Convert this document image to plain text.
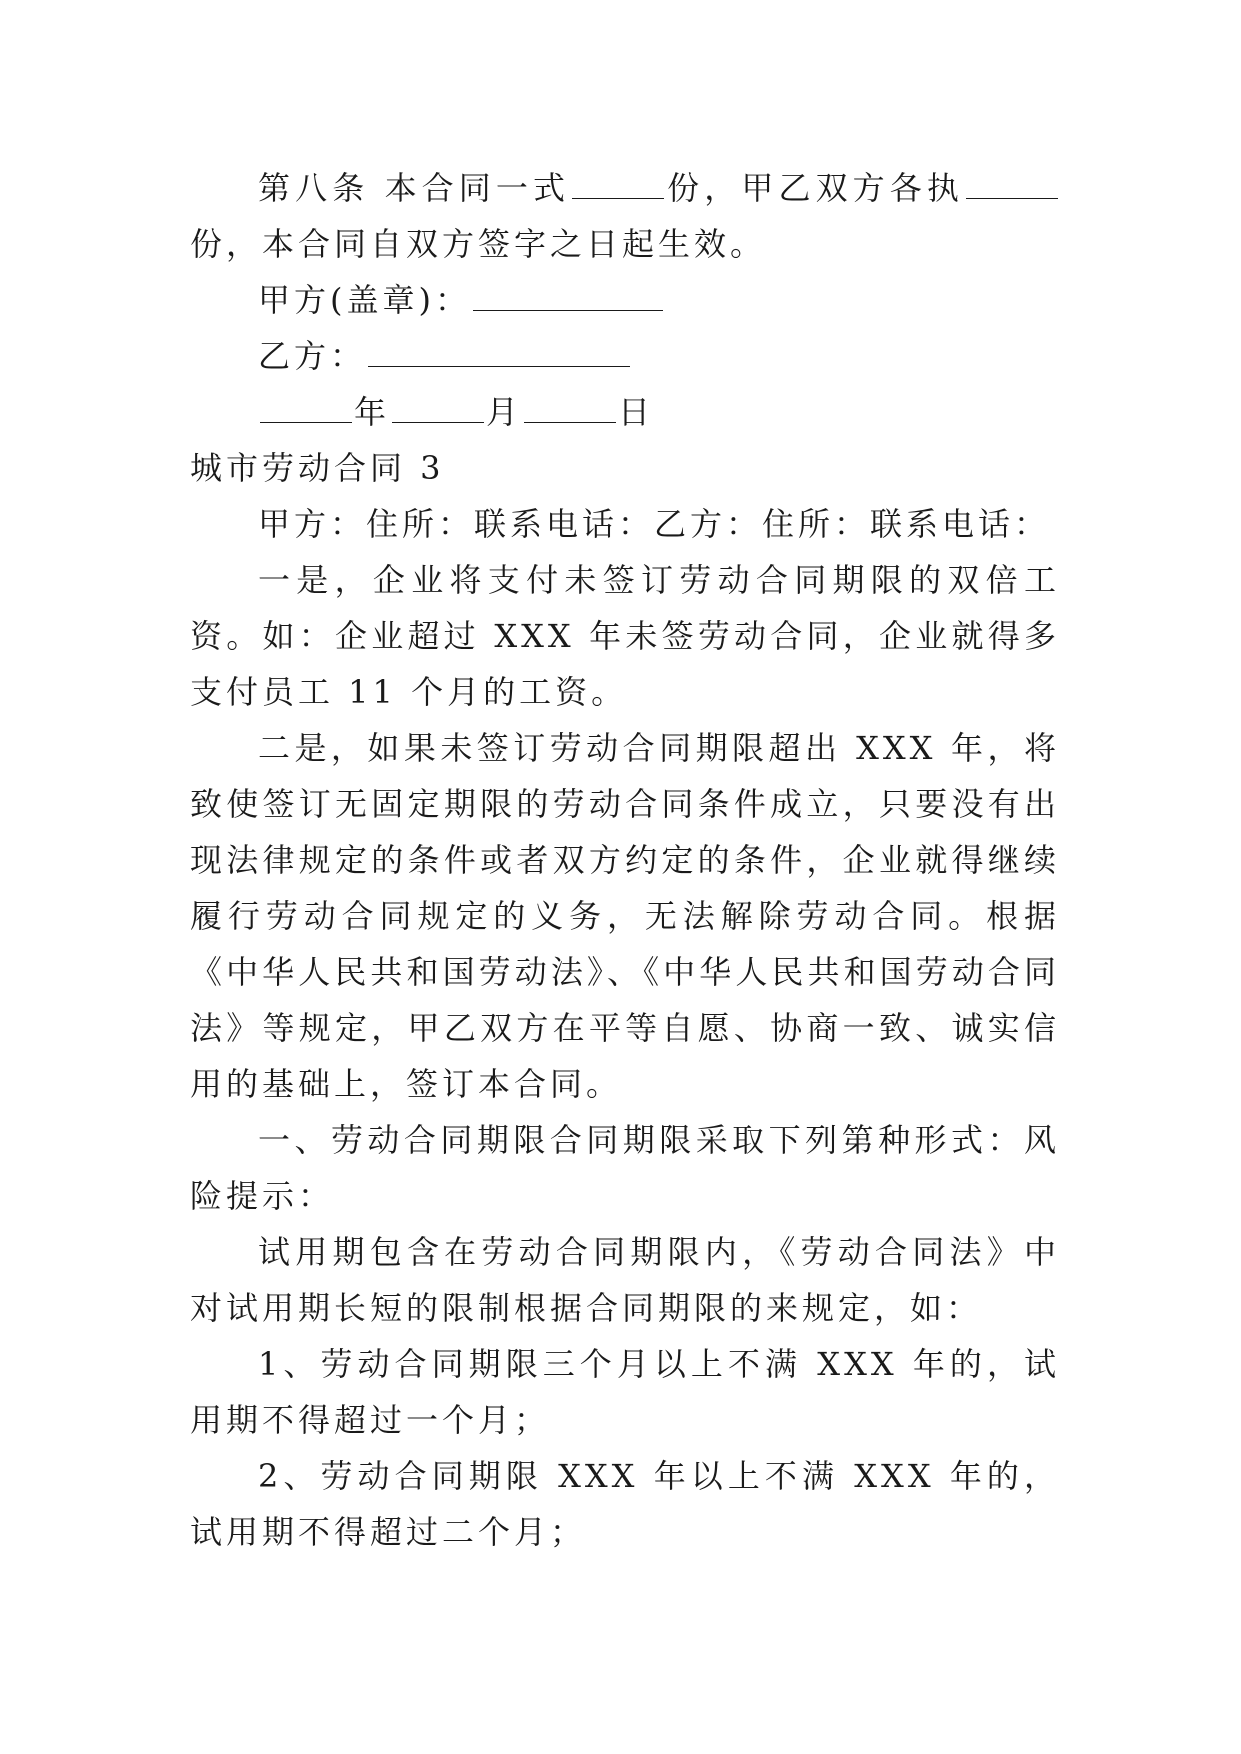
第八条 本合同一式	份，甲乙双方各执份，本合同自双方签字之日起生效。

甲方(盖章)：

乙方：

年	月	日

城市劳动合同 3

甲方：住所：联系电话：乙方：住所：联系电话：

一是，企业将支付未签订劳动合同期限的双倍工资。如：企业超过 XXX 年未签劳动合同，企业就得多支付员工 11 个月的工资。

二是，如果未签订劳动合同期限超出 XXX 年，将致使签订无固定期限的劳动合同条件成立，只要没有出现法律规定的条件或者双方约定的条件，企业就得继续履行劳动合同规定的义务，无法解除劳动合同。根据《中华人民共和国劳动法》、《中华人民共和国劳动合同法》等规定，甲乙双方在平等自愿、协商一致、诚实信用的基础上，签订本合同。

一、劳动合同期限合同期限采取下列第种形式：风险提示：

试用期包含在劳动合同期限内，《劳动合同法》中对试用期长短的限制根据合同期限的来规定，如：

1、劳动合同期限三个月以上不满 XXX 年的，试用期不得超过一个月；

2、劳动合同期限 XXX 年以上不满 XXX 年的，试用期不得超过二个月；
